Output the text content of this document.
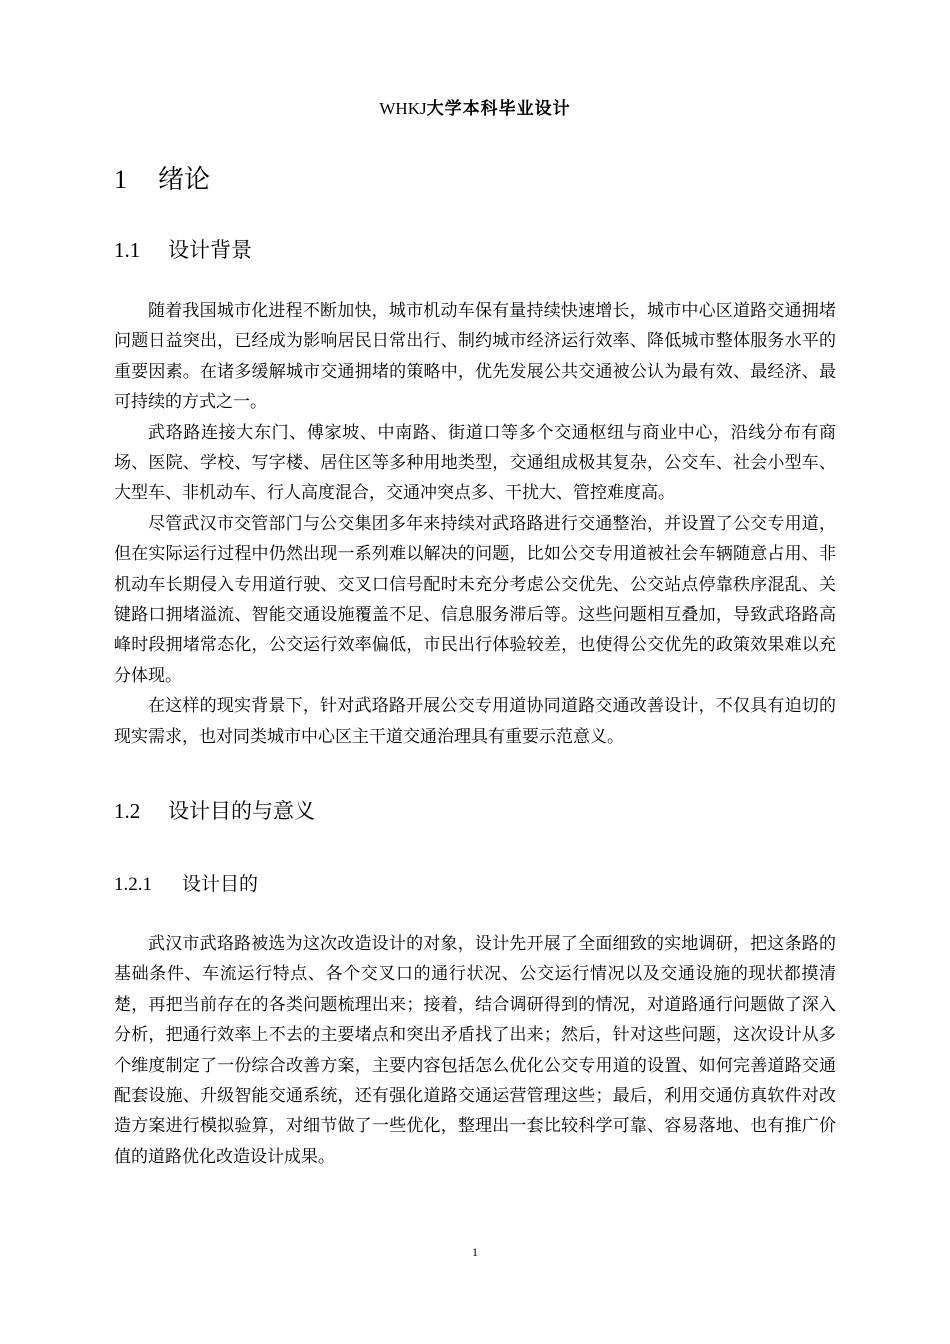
WHKJ大学本科毕业设计
1 绪论
1.1 设计背景

随着我国城市化进程不断加快，城市机动车保有量持续快速增长，城市中心区道路交通拥堵问题日益突出，已经成为影响居民日常出行、制约城市经济运行效率、降低城市整体服务水平的重要因素。在诸多缓解城市交通拥堵的策略中，优先发展公共交通被公认为最有效、最经济、最可持续的方式之一。

武珞路连接大东门、傅家坡、中南路、街道口等多个交通枢纽与商业中心，沿线分布有商场、医院、学校、写字楼、居住区等多种用地类型，交通组成极其复杂，公交车、社会小型车、大型车、非机动车、行人高度混合，交通冲突点多、干扰大、管控难度高。

尽管武汉市交管部门与公交集团多年来持续对武珞路进行交通整治，并设置了公交专用道，但在实际运行过程中仍然出现一系列难以解决的问题，比如公交专用道被社会车辆随意占用、非机动车长期侵入专用道行驶、交叉口信号配时未充分考虑公交优先、公交站点停靠秩序混乱、关键路口拥堵溢流、智能交通设施覆盖不足、信息服务滞后等。这些问题相互叠加，导致武珞路高峰时段拥堵常态化，公交运行效率偏低，市民出行体验较差，也使得公交优先的政策效果难以充分体现。

在这样的现实背景下，针对武珞路开展公交专用道协同道路交通改善设计，不仅具有迫切的现实需求，也对同类城市中心区主干道交通治理具有重要示范意义。

1.2 设计目的与意义
1.2.1 设计目的

武汉市武珞路被选为这次改造设计的对象，设计先开展了全面细致的实地调研，把这条路的基础条件、车流运行特点、各个交叉口的通行状况、公交运行情况以及交通设施的现状都摸清楚，再把当前存在的各类问题梳理出来；接着，结合调研得到的情况，对道路通行问题做了深入分析，把通行效率上不去的主要堵点和突出矛盾找了出来；然后，针对这些问题，这次设计从多个维度制定了一份综合改善方案，主要内容包括怎么优化公交专用道的设置、如何完善道路交通配套设施、升级智能交通系统，还有强化道路交通运营管理这些；最后，利用交通仿真软件对改造方案进行模拟验算，对细节做了一些优化，整理出一套比较科学可靠、容易落地、也有推广价值的道路优化改造设计成果。

1
